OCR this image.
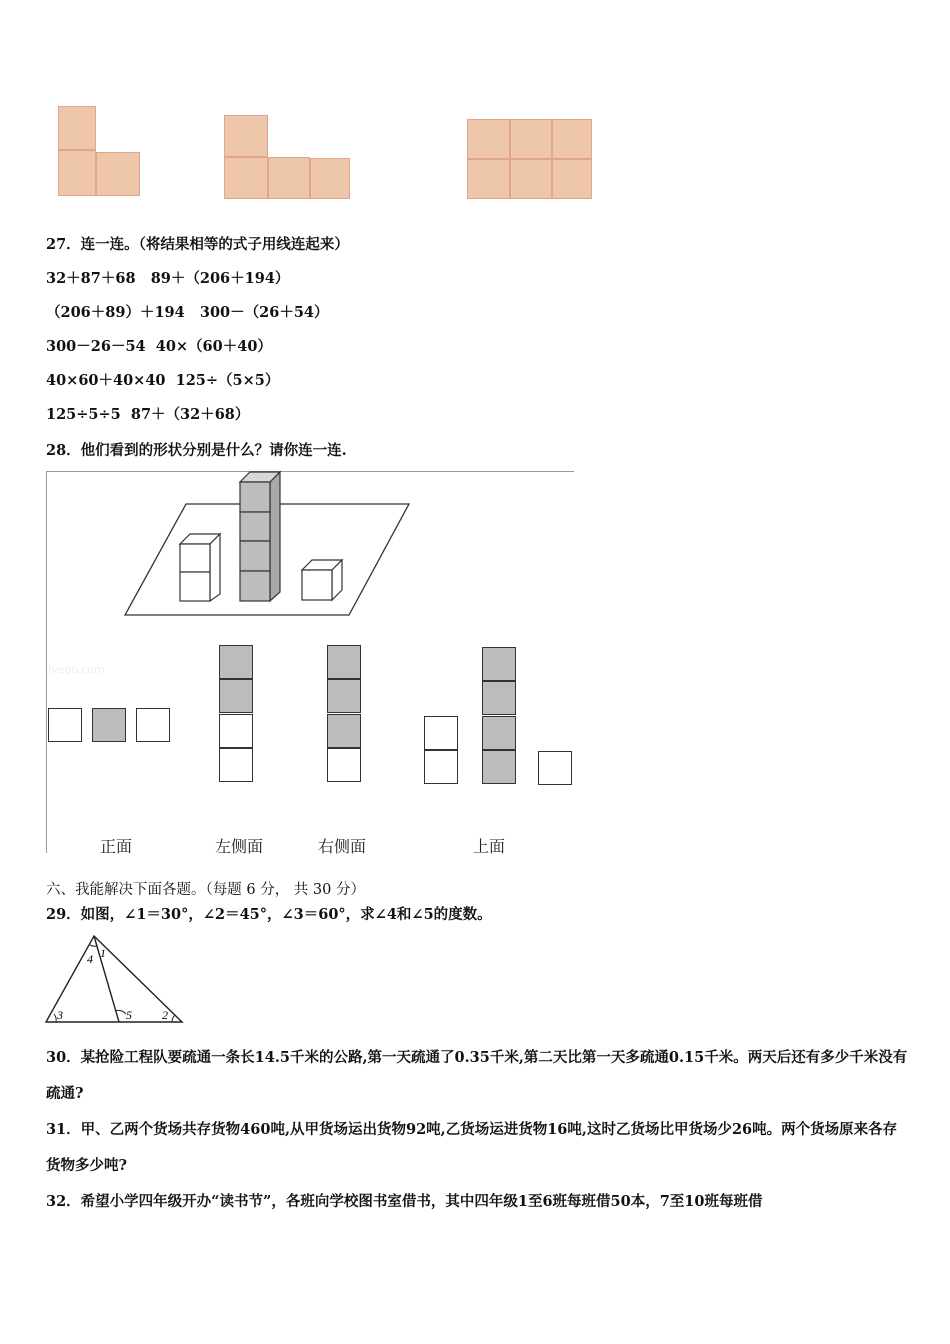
27．连一连。（将结果相等的式子用线连起来）
32＋87＋68 89＋（206＋194）
（206＋89）＋194 300－（26＋54）
300－26－54 40×（60＋40）
40×60＋40×40 125÷（5×5）
125÷5÷5 87＋（32＋68）
28．他们看到的形状分别是什么？请你连一连.
Jyeoo.com
正面	左侧面	右侧面	上面
六、我能解决下面各题。（每题 6 分， 共 30 分）
29．如图，∠1＝30°，∠2＝45°，∠3＝60°，求∠4和∠5的度数。
3	2
5
4 1
30．某抢险工程队要疏通一条长14.5千米的公路,第一天疏通了0.35千米,第二天比第一天多疏通0.15千米。两天后还有多少千米没有疏通?
31．甲、乙两个货场共存货物460吨,从甲货场运出货物92吨,乙货场运进货物16吨,这时乙货场比甲货场少26吨。两个货场原来各存货物多少吨?
32．希望小学四年级开办“读书节”，各班向学校图书室借书，其中四年级1至6班每班借50本，7至10班每班借
